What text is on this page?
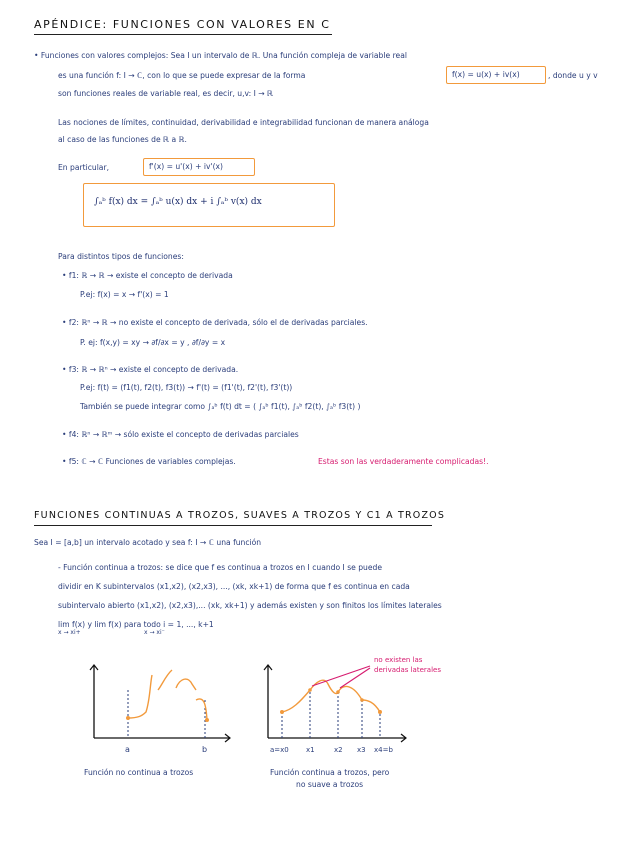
APÉNDICE: FUNCIONES CON VALORES EN C
• Funciones con valores complejos: Sea I un intervalo de ℝ. Una función compleja de variable real
es una función f: I → ℂ, con lo que se puede expresar de la forma	f(x) = u(x) + iv(x)	, donde u y v
son funciones reales de variable real, es decir, u,v: I → ℝ
Las nociones de límites, continuidad, derivabilidad e integrabilidad funcionan de manera análoga
al caso de las funciones de ℝ a ℝ.
En particular,	f'(x) = u'(x) + iv'(x)
∫ₐᵇ f(x) dx = ∫ₐᵇ u(x) dx + i ∫ₐᵇ v(x) dx
Para distintos tipos de funciones:
• f1: ℝ → ℝ → existe el concepto de derivada
P.ej: f(x) = x → f'(x) = 1
• f2: ℝⁿ → ℝ → no existe el concepto de derivada, sólo el de derivadas parciales.
P. ej: f(x,y) = xy → ∂f/∂x = y , ∂f/∂y = x
• f3: ℝ → ℝⁿ → existe el concepto de derivada.
P.ej: f(t) = (f1(t), f2(t), f3(t)) → f'(t) = (f1'(t), f2'(t), f3'(t))
También se puede integrar como ∫ₐᵇ f(t) dt = ( ∫ₐᵇ f1(t), ∫ₐᵇ f2(t), ∫ₐᵇ f3(t) )
• f4: ℝⁿ → ℝᵐ → sólo existe el concepto de derivadas parciales
• f5: ℂ → ℂ Funciones de variables complejas.	Estas son las verdaderamente complicadas!.
FUNCIONES CONTINUAS A TROZOS, SUAVES A TROZOS Y C1 A TROZOS
Sea I = [a,b] un intervalo acotado y sea f: I → ℂ una función
- Función continua a trozos: se dice que f es continua a trozos en I cuando I se puede
dividir en K subintervalos (x1,x2), (x2,x3), ..., (xk, xk+1) de forma que f es continua en cada
subintervalo abierto (x1,x2), (x2,x3),... (xk, xk+1) y además existen y son finitos los límites laterales
lim f(x) y lim f(x) para todo i = 1, ..., k+1
x → xi+	x → xi⁻
a	b
Función no continua a trozos
no existen las
derivadas laterales
a=x0 x1	x2 x3 x4=b
Función continua a trozos, pero
no suave a trozos
